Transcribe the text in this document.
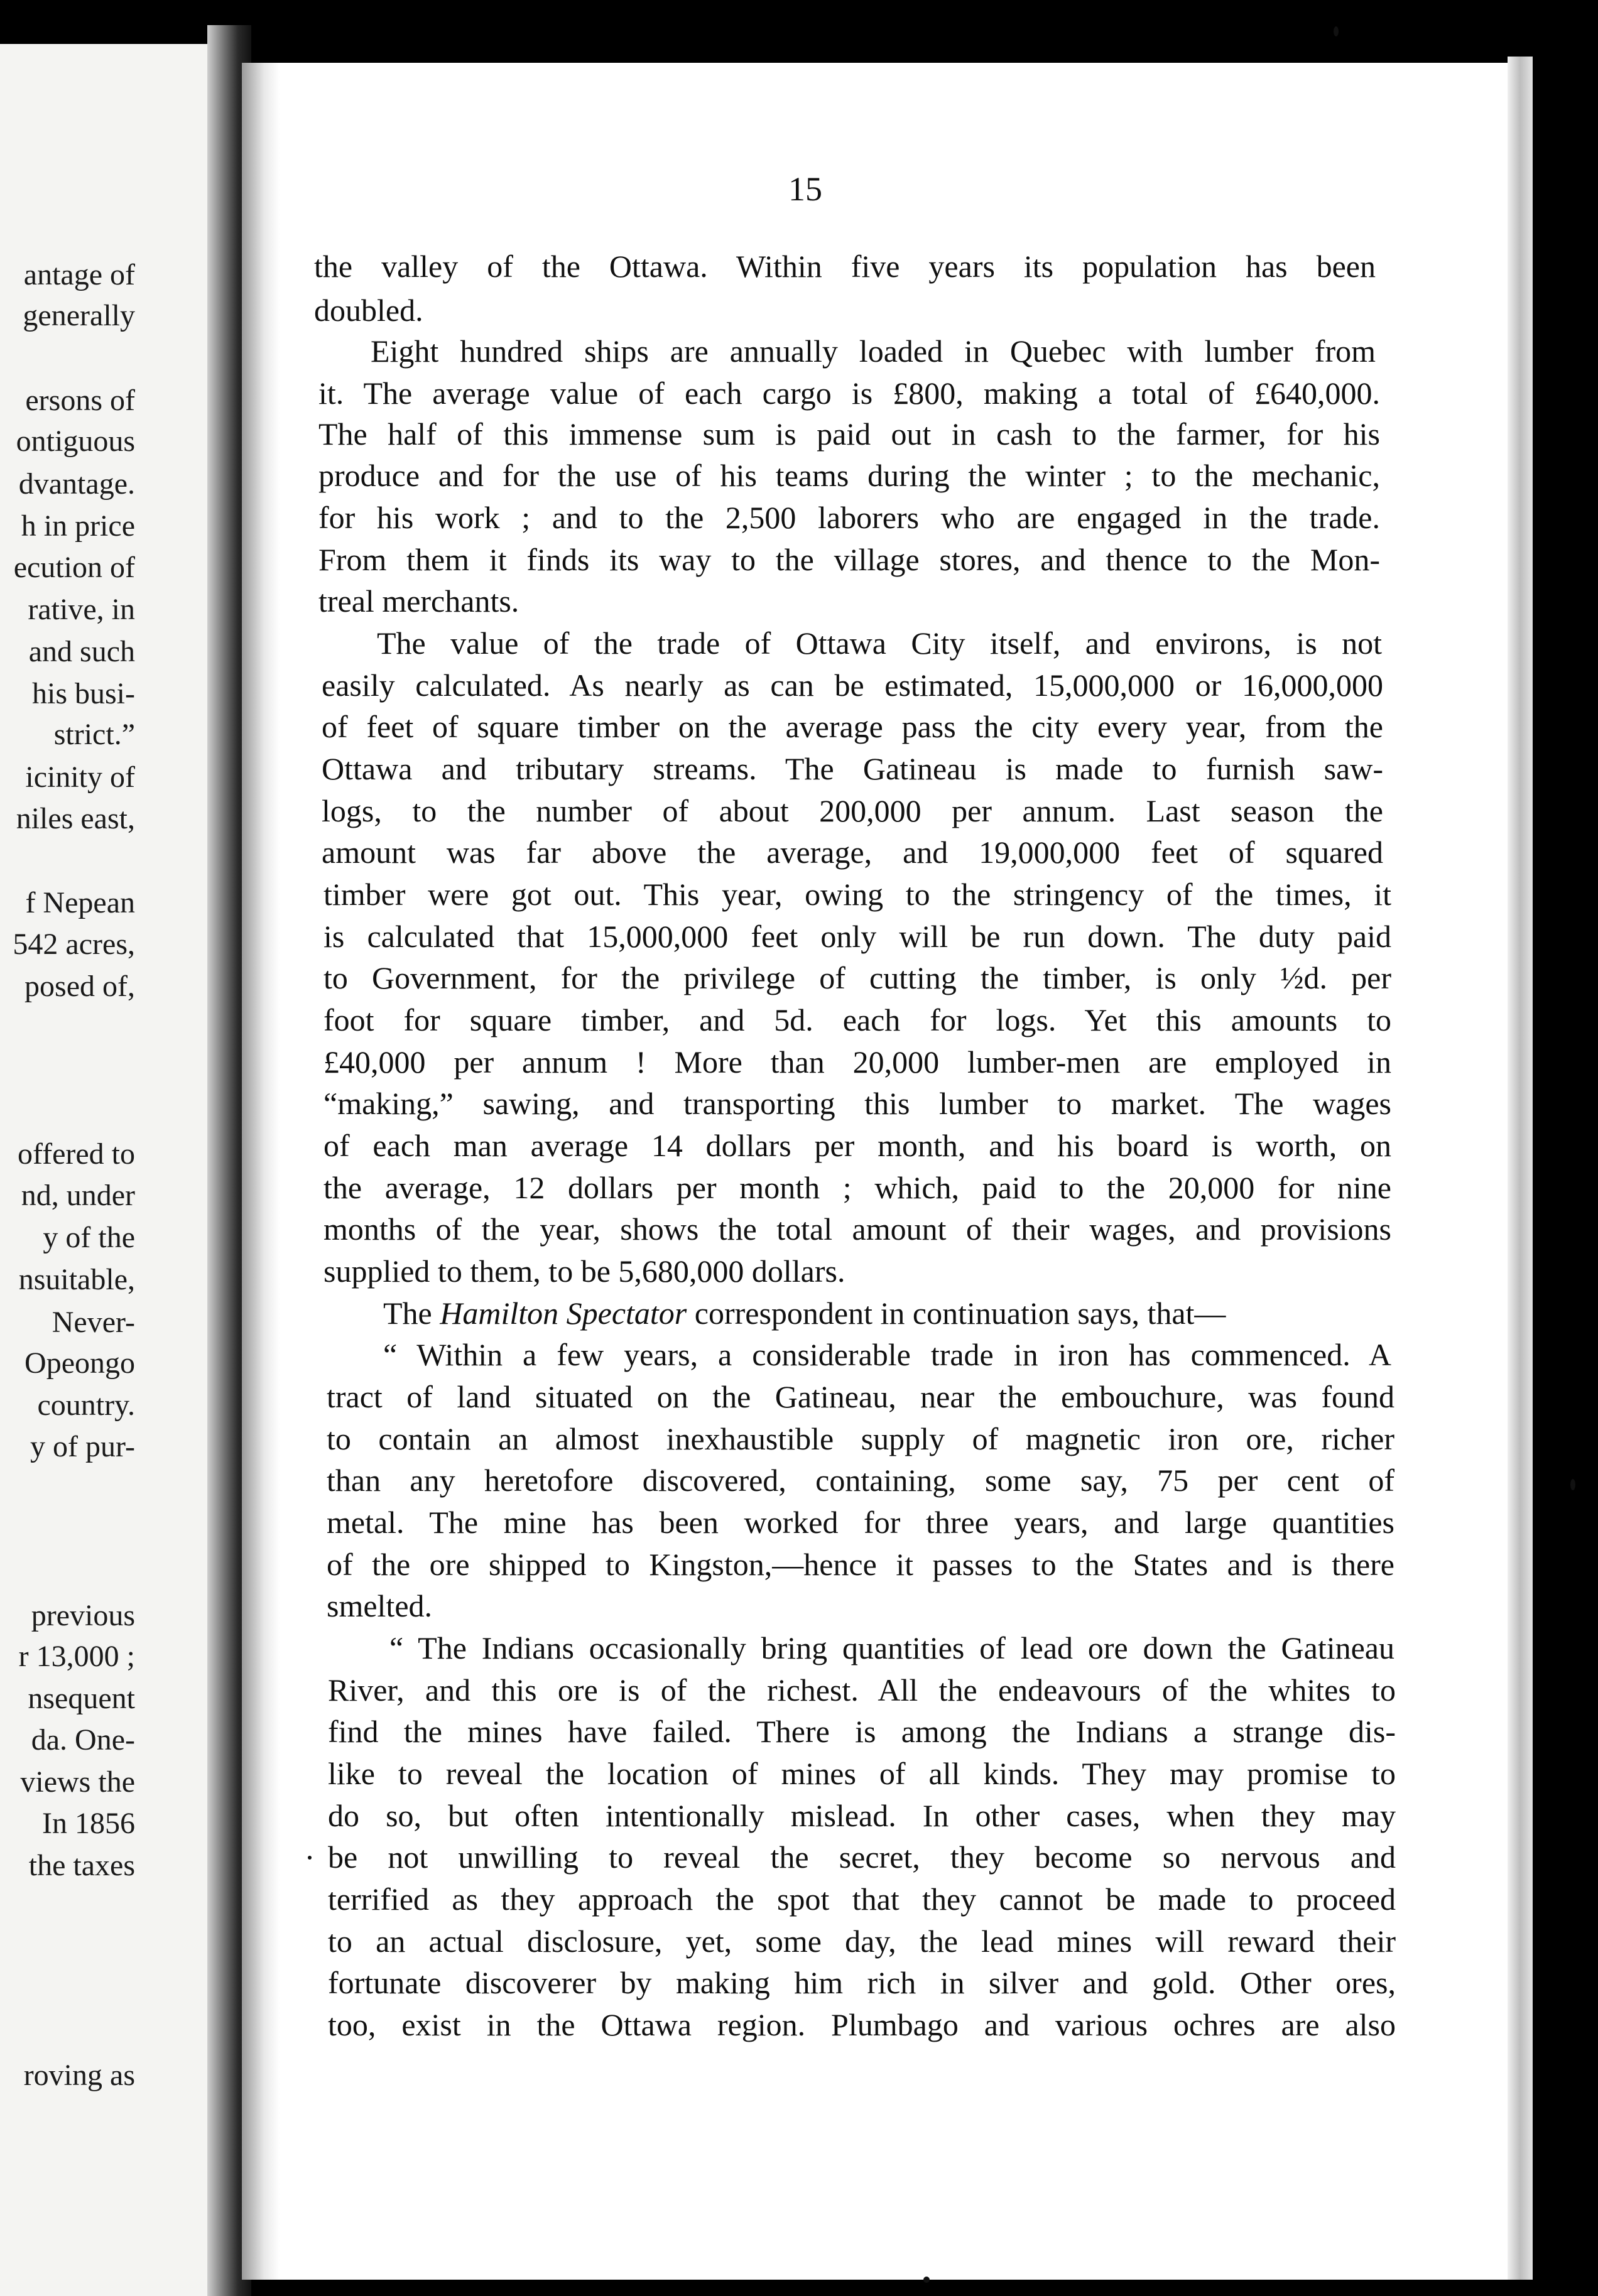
antage of
generally
ersons of
ontiguous
dvantage.
h in price
ecution of
rative, in
and such
his busi-
strict.”
icinity of
niles east,
f Nepean
542 acres,
posed of,
offered to
nd, under
y of the
nsuitable,
Never-
Opeongo
country.
y of pur-
previous
r 13,000 ;
nsequent
da. One-
views the
In 1856
the taxes
roving as
15
the valley of the Ottawa. Within five years its population has been
doubled.
Eight hundred ships are annually loaded in Quebec with lumber from
it. The average value of each cargo is £800, making a total of £640,000.
The half of this immense sum is paid out in cash to the farmer, for his
produce and for the use of his teams during the winter ; to the mechanic,
for his work ; and to the 2,500 laborers who are engaged in the trade.
From them it finds its way to the village stores, and thence to the Mon-
treal merchants.
The value of the trade of Ottawa City itself, and environs, is not
easily calculated. As nearly as can be estimated, 15,000,000 or 16,000,000
of feet of square timber on the average pass the city every year, from the
Ottawa and tributary streams. The Gatineau is made to furnish saw-
logs, to the number of about 200,000 per annum. Last season the
amount was far above the average, and 19,000,000 feet of squared
timber were got out. This year, owing to the stringency of the times, it
is calculated that 15,000,000 feet only will be run down. The duty paid
to Government, for the privilege of cutting the timber, is only ½d. per
foot for square timber, and 5d. each for logs. Yet this amounts to
£40,000 per annum ! More than 20,000 lumber-men are employed in
“making,” sawing, and transporting this lumber to market. The wages
of each man average 14 dollars per month, and his board is worth, on
the average, 12 dollars per month ; which, paid to the 20,000 for nine
months of the year, shows the total amount of their wages, and provisions
supplied to them, to be 5,680,000 dollars.
The Hamilton Spectator correspondent in continuation says, that—
“ Within a few years, a considerable trade in iron has commenced. A
tract of land situated on the Gatineau, near the embouchure, was found
to contain an almost inexhaustible supply of magnetic iron ore, richer
than any heretofore discovered, containing, some say, 75 per cent of
metal. The mine has been worked for three years, and large quantities
of the ore shipped to Kingston,—hence it passes to the States and is there
smelted.
“ The Indians occasionally bring quantities of lead ore down the Gatineau
River, and this ore is of the richest. All the endeavours of the whites to
find the mines have failed. There is among the Indians a strange dis-
like to reveal the location of mines of all kinds. They may promise to
do so, but often intentionally mislead. In other cases, when they may
be not unwilling to reveal the secret, they become so nervous and
terrified as they approach the spot that they cannot be made to proceed
to an actual disclosure, yet, some day, the lead mines will reward their
fortunate discoverer by making him rich in silver and gold. Other ores,
too, exist in the Ottawa region. Plumbago and various ochres are also
